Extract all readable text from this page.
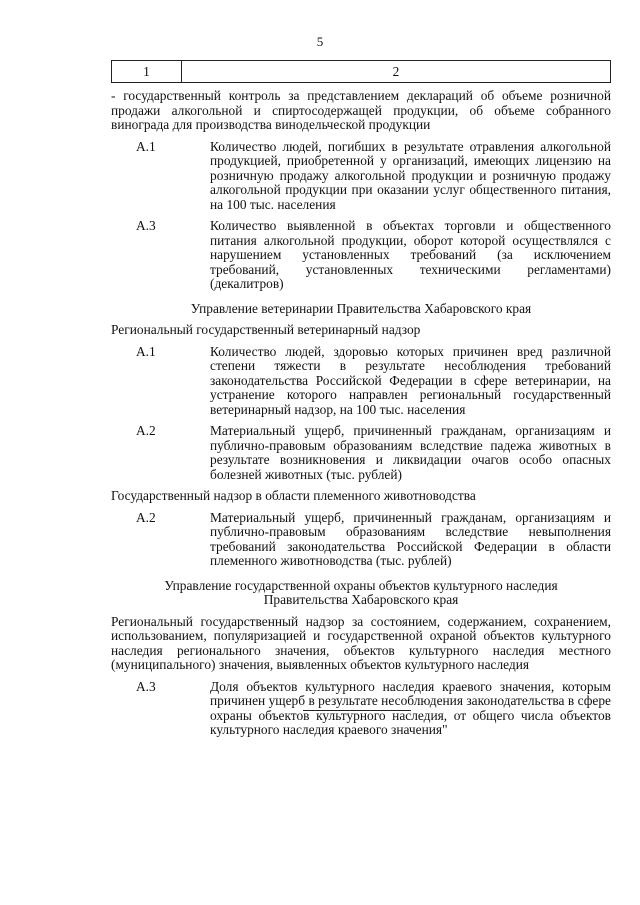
5
1	2

- государственный контроль за представлением деклараций об объеме розничной продажи алкогольной и спиртосодержащей продукции, об объеме собранного винограда для производства винодельческой продукции

А.1	Количество людей, погибших в результате отравления алкогольной продукцией, приобретенной у организаций, имеющих лицензию на розничную продажу алкогольной продукции и розничную продажу алкогольной продукции при оказании услуг общественного питания, на 100 тыс. населения
А.3	Количество выявленной в объектах торговли и общественного питания алкогольной продукции, оборот которой осуществлялся с нарушением установленных требований (за исключением требований, установленных техническими регламентами) (декалитров)
Управление ветеринарии Правительства Хабаровского края
Региональный государственный ветеринарный надзор
А.1	Количество людей, здоровью которых причинен вред различной степени тяжести в результате несоблюдения требований законодательства Российской Федерации в сфере ветеринарии, на устранение которого направлен региональный государственный ветеринарный надзор, на 100 тыс. населения
А.2	Материальный ущерб, причиненный гражданам, организациям и публично-правовым образованиям вследствие падежа животных в результате возникновения и ликвидации очагов особо опасных болезней животных (тыс. рублей)
Государственный надзор в области племенного животноводства
А.2	Материальный ущерб, причиненный гражданам, организациям и публично-правовым образованиям вследствие невыполнения требований законодательства Российской Федерации в области племенного животноводства (тыс. рублей)
Управление государственной охраны объектов культурного наследия
Правительства Хабаровского края
Региональный государственный надзор за состоянием, содержанием, сохранением, использованием, популяризацией и государственной охраной объектов культурного наследия регионального значения, объектов культурного наследия местного (муниципального) значения, выявленных объектов культурного наследия
А.3	Доля объектов культурного наследия краевого значения, которым причинен ущерб в результате несоблюдения законодательства в сфере охраны объектов культурного наследия, от общего числа объектов культурного наследия краевого значения"
